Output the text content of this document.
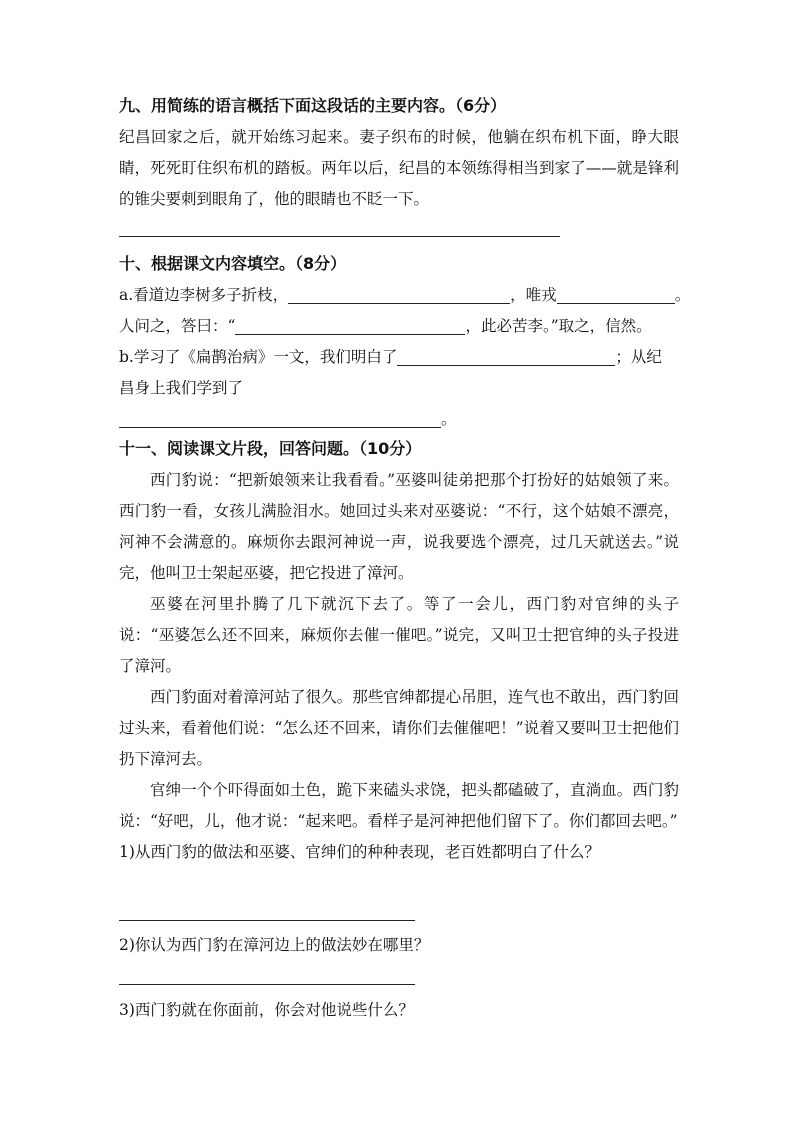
九、用简练的语言概括下面这段话的主要内容。（6分）
纪昌回家之后，就开始练习起来。妻子织布的时候，他躺在织布机下面，睁大眼睛，死死盯住织布机的踏板。两年以后，纪昌的本领练得相当到家了——就是锋利的锥尖要刺到眼角了，他的眼睛也不眨一下。
十、根据课文内容填空。（8分）
a.看道边李树多子折枝，	，唯戎	。
人问之，答曰：“	，此必苦李。”取之，信然。
b.学习了《扁鹊治病》一文，我们明白了	；从纪
昌身上我们学到了
。
十一、阅读课文片段，回答问题。（10分）
西门豹说：“把新娘领来让我看看。”巫婆叫徒弟把那个打扮好的姑娘领了来。西门豹一看，女孩儿满脸泪水。她回过头来对巫婆说：“不行，这个姑娘不漂亮，河神不会满意的。麻烦你去跟河神说一声，说我要选个漂亮，过几天就送去。”说完，他叫卫士架起巫婆，把它投进了漳河。
巫婆在河里扑腾了几下就沉下去了。等了一会儿，西门豹对官绅的头子说：“巫婆怎么还不回来，麻烦你去催一催吧。”说完，又叫卫士把官绅的头子投进了漳河。
西门豹面对着漳河站了很久。那些官绅都提心吊胆，连气也不敢出，西门豹回过头来，看着他们说：“怎么还不回来，请你们去催催吧！”说着又要叫卫士把他们扔下漳河去。
官绅一个个吓得面如土色，跪下来磕头求饶，把头都磕破了，直淌血。西门豹说：“好吧，儿，他才说：“起来吧。看样子是河神把他们留下了。你们都回去吧。”
1)从西门豹的做法和巫婆、官绅们的种种表现，老百姓都明白了什么？
2)你认为西门豹在漳河边上的做法妙在哪里？
3)西门豹就在你面前，你会对他说些什么？
